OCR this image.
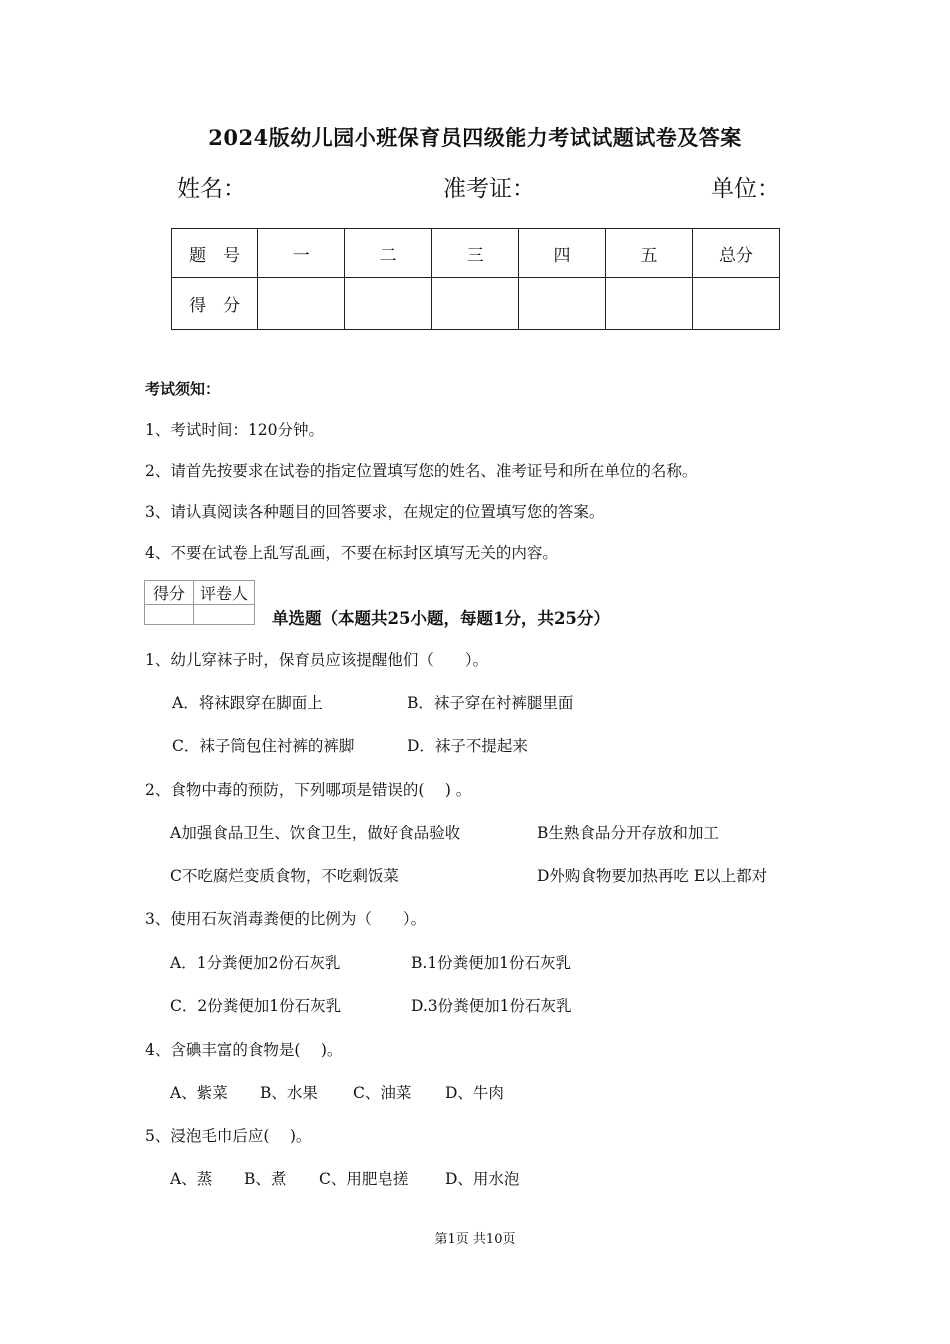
2024版幼儿园小班保育员四级能力考试试题试卷及答案
姓名：	准考证：	单位：
题　号	一	二	三	四	五	总分
得　分						
考试须知：
1、考试时间：120分钟。
2、请首先按要求在试卷的指定位置填写您的姓名、准考证号和所在单位的名称。
3、请认真阅读各种题目的回答要求，在规定的位置填写您的答案。
4、不要在试卷上乱写乱画，不要在标封区填写无关的内容。
得分	评卷人

单选题（本题共25小题，每题1分，共25分）
1、幼儿穿袜子时，保育员应该提醒他们（　　）。
A．将袜跟穿在脚面上	B．袜子穿在衬裤腿里面
C．袜子筒包住衬裤的裤脚	D．袜子不提起来
2、食物中毒的预防，下列哪项是错误的(　 ) 。
A加强食品卫生、饮食卫生，做好食品验收	B生熟食品分开存放和加工
C不吃腐烂变质食物，不吃剩饭菜	D外购食物要加热再吃 E以上都对
3、使用石灰消毒粪便的比例为（　　）。
A．1分粪便加2份石灰乳	B.1份粪便加1份石灰乳
C．2份粪便加1份石灰乳	D.3份粪便加1份石灰乳
4、含碘丰富的食物是(　 )。
A、紫菜 B、水果 C、油菜 D、牛肉
5、浸泡毛巾后应(　 )。
A、蒸 B、煮 C、用肥皂搓 D、用水泡
第1页 共10页
